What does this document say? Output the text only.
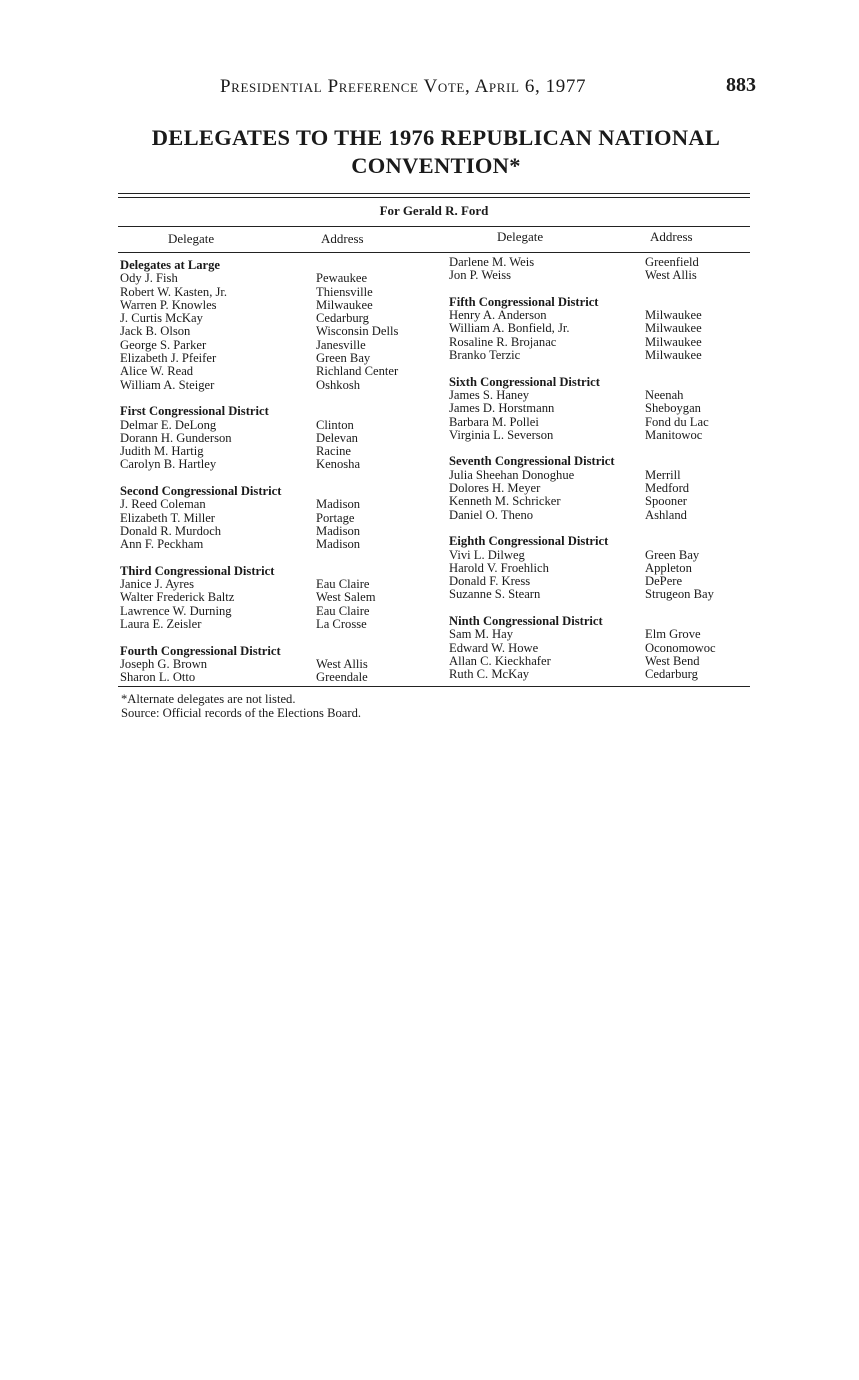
Presidential Preference Vote, April 6, 1977	883
DELEGATES TO THE 1976 REPUBLICAN NATIONAL CONVENTION*
For Gerald R. Ford
Delegate	Address	Delegate	Address
Delegates at Large
Ody J. Fish	Pewaukee
Robert W. Kasten, Jr.	Thiensville
Warren P. Knowles	Milwaukee
J. Curtis McKay	Cedarburg
Jack B. Olson	Wisconsin Dells
George S. Parker	Janesville
Elizabeth J. Pfeifer	Green Bay
Alice W. Read	Richland Center
William A. Steiger	Oshkosh
First Congressional District
Delmar E. DeLong	Clinton
Dorann H. Gunderson	Delevan
Judith M. Hartig	Racine
Carolyn B. Hartley	Kenosha
Second Congressional District
J. Reed Coleman	Madison
Elizabeth T. Miller	Portage
Donald R. Murdoch	Madison
Ann F. Peckham	Madison
Third Congressional District
Janice J. Ayres	Eau Claire
Walter Frederick Baltz	West Salem
Lawrence W. Durning	Eau Claire
Laura E. Zeisler	La Crosse
Fourth Congressional District
Joseph G. Brown	West Allis
Sharon L. Otto	Greendale
Darlene M. Weis	Greenfield
Jon P. Weiss	West Allis
Fifth Congressional District
Henry A. Anderson	Milwaukee
William A. Bonfield, Jr.	Milwaukee
Rosaline R. Brojanac	Milwaukee
Branko Terzic	Milwaukee
Sixth Congressional District
James S. Haney	Neenah
James D. Horstmann	Sheboygan
Barbara M. Pollei	Fond du Lac
Virginia L. Severson	Manitowoc
Seventh Congressional District
Julia Sheehan Donoghue	Merrill
Dolores H. Meyer	Medford
Kenneth M. Schricker	Spooner
Daniel O. Theno	Ashland
Eighth Congressional District
Vivi L. Dilweg	Green Bay
Harold V. Froehlich	Appleton
Donald F. Kress	DePere
Suzanne S. Stearn	Strugeon Bay
Ninth Congressional District
Sam M. Hay	Elm Grove
Edward W. Howe	Oconomowoc
Allan C. Kieckhafer	West Bend
Ruth C. McKay	Cedarburg
*Alternate delegates are not listed.
Source: Official records of the Elections Board.
